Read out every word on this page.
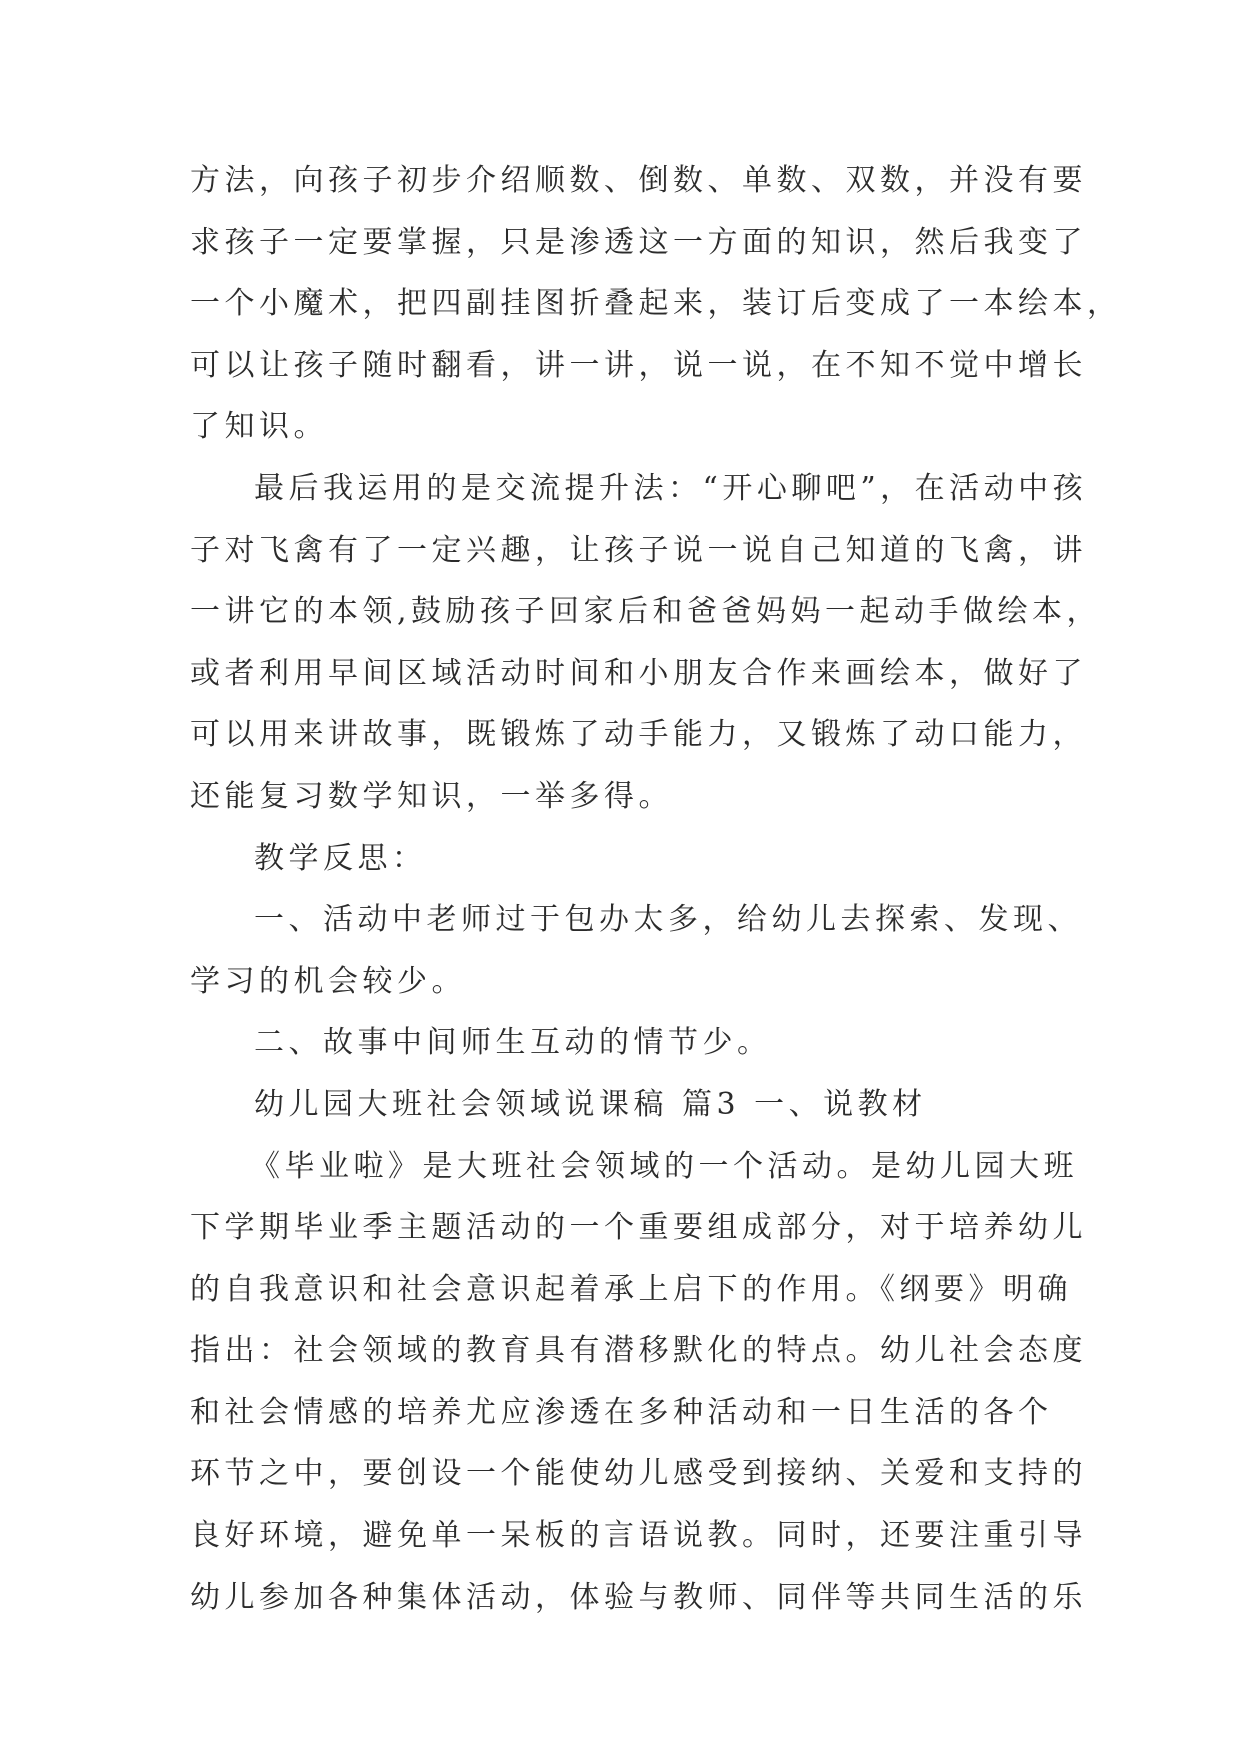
方法，向孩子初步介绍顺数、倒数、单数、双数，并没有要
求孩子一定要掌握，只是渗透这一方面的知识，然后我变了
一个小魔术，把四副挂图折叠起来，装订后变成了一本绘本，
可以让孩子随时翻看，讲一讲，说一说，在不知不觉中增长
了知识。
最后我运用的是交流提升法：“开心聊吧”，在活动中孩
子对飞禽有了一定兴趣，让孩子说一说自己知道的飞禽，讲
一讲它的本领,鼓励孩子回家后和爸爸妈妈一起动手做绘本，
或者利用早间区域活动时间和小朋友合作来画绘本，做好了
可以用来讲故事，既锻炼了动手能力，又锻炼了动口能力，
还能复习数学知识，一举多得。
教学反思：
一、活动中老师过于包办太多，给幼儿去探索、发现、
学习的机会较少。
二、故事中间师生互动的情节少。
幼儿园大班社会领域说课稿 篇3 一、说教材
《毕业啦》是大班社会领域的一个活动。是幼儿园大班
下学期毕业季主题活动的一个重要组成部分，对于培养幼儿
的自我意识和社会意识起着承上启下的作用。《纲要》明确
指出：社会领域的教育具有潜移默化的特点。幼儿社会态度
和社会情感的培养尤应渗透在多种活动和一日生活的各个
环节之中，要创设一个能使幼儿感受到接纳、关爱和支持的
良好环境，避免单一呆板的言语说教。同时，还要注重引导
幼儿参加各种集体活动，体验与教师、同伴等共同生活的乐
